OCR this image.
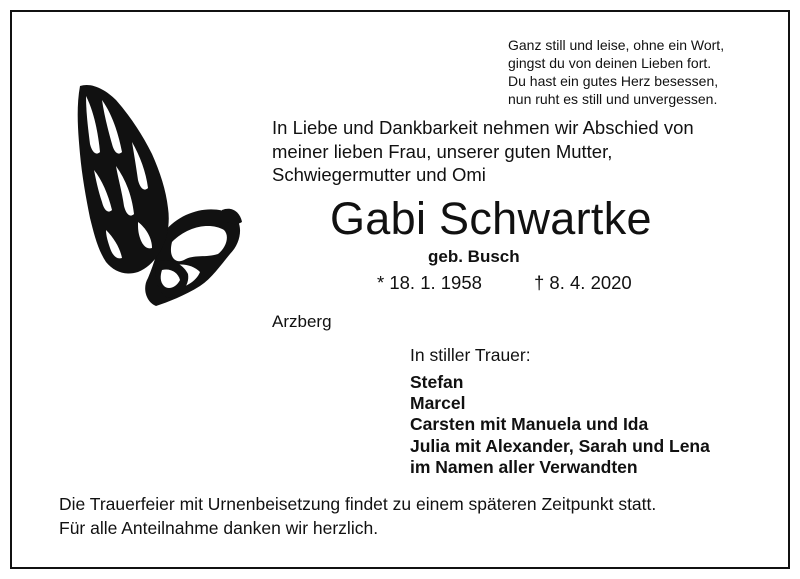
Ganz still und leise, ohne ein Wort,
gingst du von deinen Lieben fort.
Du hast ein gutes Herz besessen,
nun ruht es still und unvergessen.
In Liebe und Dankbarkeit nehmen wir Abschied von
meiner lieben Frau, unserer guten Mutter,
Schwiegermutter und Omi
Gabi Schwartke
geb. Busch
* 18. 1. 1958	† 8. 4. 2020
Arzberg
In stiller Trauer:
Stefan
Marcel
Carsten mit Manuela und Ida
Julia mit Alexander, Sarah und Lena
im Namen aller Verwandten
Die Trauerfeier mit Urnenbeisetzung findet zu einem späteren Zeitpunkt statt.
Für alle Anteilnahme danken wir herzlich.
